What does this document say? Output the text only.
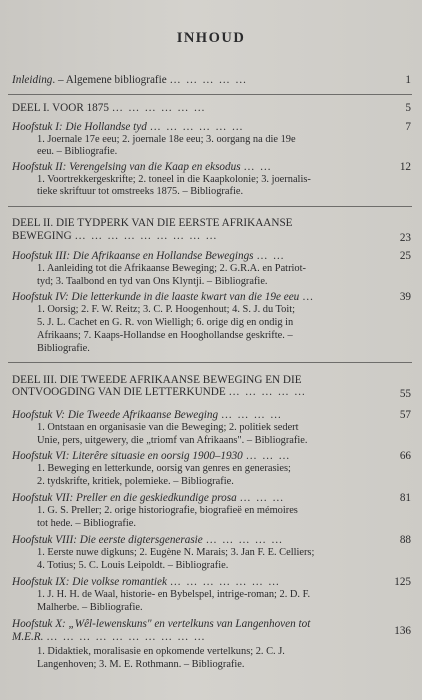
INHOUD
Inleiding. – Algemene bibliografie … … … … …	1
DEEL I. VOOR 1875 … … … … … …	5
Hoofstuk I: Die Hollandse tyd … … … … … …	7
1. Joernale 17e eeu; 2. joernale 18e eeu; 3. oorgang na die 19e
eeu. – Bibliografie.
Hoofstuk II: Verengelsing van die Kaap en eksodus … …	12
1. Voortrekkergeskrifte; 2. toneel in die Kaapkolonie; 3. joernalis-
tieke skriftuur tot omstreeks 1875. – Bibliografie.
DEEL II. DIE TYDPERK VAN DIE EERSTE AFRIKAANSE
BEWEGING … … … … … … … … …	23
Hoofstuk III: Die Afrikaanse en Hollandse Bewegings … …	25
1. Aanleiding tot die Afrikaanse Beweging; 2. G.R.A. en Patriot-
tyd; 3. Taalbond en tyd van Ons Klyntji. – Bibliografie.
Hoofstuk IV: Die letterkunde in die laaste kwart van die 19e eeu …	39
1. Oorsig; 2. F. W. Reitz; 3. C. P. Hoogenhout; 4. S. J. du Toit;
5. J. L. Cachet en G. R. von Wielligh; 6. orige dig en ondig in
Afrikaans; 7. Kaaps-Hollandse en Hooghollandse geskrifte. –
Bibliografie.
DEEL III. DIE TWEEDE AFRIKAANSE BEWEGING EN DIE
ONTVOOGDING VAN DIE LETTERKUNDE … … … … …	55
Hoofstuk V: Die Tweede Afrikaanse Beweging … … … …	57
1. Ontstaan en organisasie van die Beweging; 2. politiek sedert
Unie, pers, uitgewery, die „triomf van Afrikaans". – Bibliografie.
Hoofstuk VI: Literêre situasie en oorsig 1900–1930 … … …	66
1. Beweging en letterkunde, oorsig van genres en generasies;
2. tydskrifte, kritiek, polemieke. – Bibliografie.
Hoofstuk VII: Preller en die geskiedkundige prosa … … …	81
1. G. S. Preller; 2. orige historiografie, biografieë en mémoires
tot hede. – Bibliografie.
Hoofstuk VIII: Die eerste digtersgenerasie … … … … …	88
1. Eerste nuwe digkuns; 2. Eugène N. Marais; 3. Jan F. E. Celliers;
4. Totius; 5. C. Louis Leipoldt. – Bibliografie.
Hoofstuk IX: Die volkse romantiek … … … … … … …	125
1. J. H. H. de Waal, historie- en Bybelspel, intrige-roman; 2. D. F.
Malherbe. – Bibliografie.
Hoofstuk X: „Wêl-lewenskuns" en vertelkuns van Langenhoven tot
M.E.R. … … … … … … … … … …	136
1. Didaktiek, moralisasie en opkomende vertelkuns; 2. C. J.
Langenhoven; 3. M. E. Rothmann. – Bibliografie.
